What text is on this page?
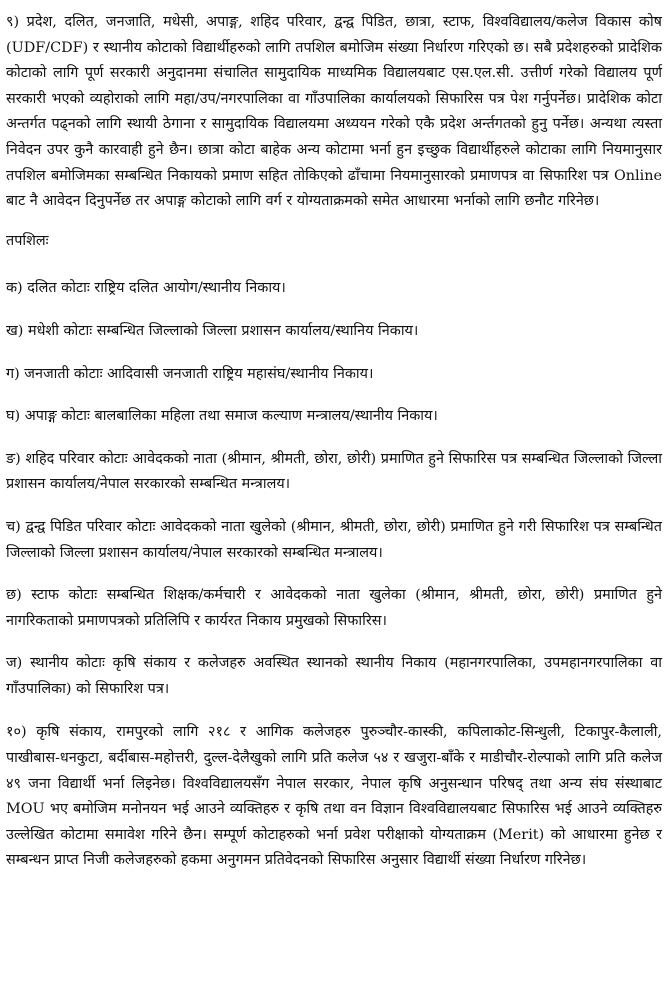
९) प्रदेश, दलित, जनजाति, मधेसी, अपाङ्ग, शहिद परिवार, द्वन्द्व पिडित, छात्रा, स्टाफ, विश्वविद्यालय/कलेज विकास कोष (UDF/CDF) र स्थानीय कोटाको विद्यार्थीहरुको लागि तपशिल बमोजिम संख्या निर्धारण गरिएको छ। सबै प्रदेशहरुको प्रादेशिक कोटाको लागि पूर्ण सरकारी अनुदानमा संचालित सामुदायिक माध्यमिक विद्यालयबाट एस.एल.सी. उत्तीर्ण गरेको विद्यालय पूर्ण सरकारी भएको व्यहोराको लागि महा/उप/नगरपालिका वा गाँउपालिका कार्यालयको सिफारिस पत्र पेश गर्नुपर्नेछ। प्रादेशिक कोटा अन्तर्गत पढ्नको लागि स्थायी ठेगाना र सामुदायिक विद्यालयमा अध्ययन गरेको एकै प्रदेश अर्न्तगतको हुनु पर्नेछ। अन्यथा त्यस्ता निवेदन उपर कुनै कारवाही हुने छैन। छात्रा कोटा बाहेक अन्य कोटामा भर्ना हुन इच्छुक विद्यार्थीहरुले कोटाका लागि नियमानुसार तपशिल बमोजिमका सम्बन्धित निकायको प्रमाण सहित तोकिएको ढाँचामा नियमानुसारको प्रमाणपत्र वा सिफारिश पत्र Online बाट नै आवेदन दिनुपर्नेछ तर अपाङ्ग कोटाको लागि वर्ग र योग्यताक्रमको समेत आधारमा भर्नाको लागि छनौट गरिनेछ।

तपशिलः

क) दलित कोटाः राष्ट्रिय दलित आयोग/स्थानीय निकाय।

ख) मधेशी कोटाः सम्बन्धित जिल्लाको जिल्ला प्रशासन कार्यालय/स्थानिय निकाय।

ग) जनजाती कोटाः आदिवासी जनजाती राष्ट्रिय महासंघ/स्थानीय निकाय।

घ) अपाङ्ग कोटाः बालबालिका महिला तथा समाज कल्याण मन्त्रालय/स्थानीय निकाय।

ङ) शहिद परिवार कोटाः आवेदकको नाता (श्रीमान, श्रीमती, छोरा, छोरी) प्रमाणित हुने सिफारिस पत्र सम्बन्धित जिल्लाको जिल्ला प्रशासन कार्यालय/नेपाल सरकारको सम्बन्धित मन्त्रालय।

च) द्वन्द्व पिडित परिवार कोटाः आवेदकको नाता खुलेको (श्रीमान, श्रीमती, छोरा, छोरी) प्रमाणित हुने गरी सिफारिश पत्र सम्बन्धित जिल्लाको जिल्ला प्रशासन कार्यालय/नेपाल सरकारको सम्बन्धित मन्त्रालय।

छ) स्टाफ कोटाः सम्बन्धित शिक्षक/कर्मचारी र आवेदकको नाता खुलेका (श्रीमान, श्रीमती, छोरा, छोरी) प्रमाणित हुने नागरिकताको प्रमाणपत्रको प्रतिलिपि र कार्यरत निकाय प्रमुखको सिफारिस।

ज) स्थानीय कोटाः कृषि संकाय र कलेजहरु अवस्थित स्थानको स्थानीय निकाय (महानगरपालिका, उपमहानगरपालिका वा गाँउपालिका) को सिफारिश पत्र।

१०) कृषि संकाय, रामपुरको लागि २१८ र आगिक कलेजहरु पुरुञ्चौर-कास्की, कपिलाकोट-सिन्धुली, टिकापुर-कैलाली, पाखीबास-धनकुटा, बर्दीबास-महोत्तरी, दुल्ल-देलैखुको लागि प्रति कलेज ५४ र खजुरा-बाँके र माडीचौर-रोल्पाको लागि प्रति कलेज ४९ जना विद्यार्थी भर्ना लिइनेछ। विश्वविद्यालयसँग नेपाल सरकार, नेपाल कृषि अनुसन्धान परिषद् तथा अन्य संघ संस्थाबाट MOU भए बमोजिम मनोनयन भई आउने व्यक्तिहरु र कृषि तथा वन विज्ञान विश्वविद्यालयबाट सिफारिस भई आउने व्यक्तिहरु उल्लेखित कोटामा समावेश गरिने छैन। सम्पूर्ण कोटाहरुको भर्ना प्रवेश परीक्षाको योग्यताक्रम (Merit) को आधारमा हुनेछ र सम्बन्धन प्राप्त निजी कलेजहरुको हकमा अनुगमन प्रतिवेदनको सिफारिस अनुसार विद्यार्थी संख्या निर्धारण गरिनेछ।
